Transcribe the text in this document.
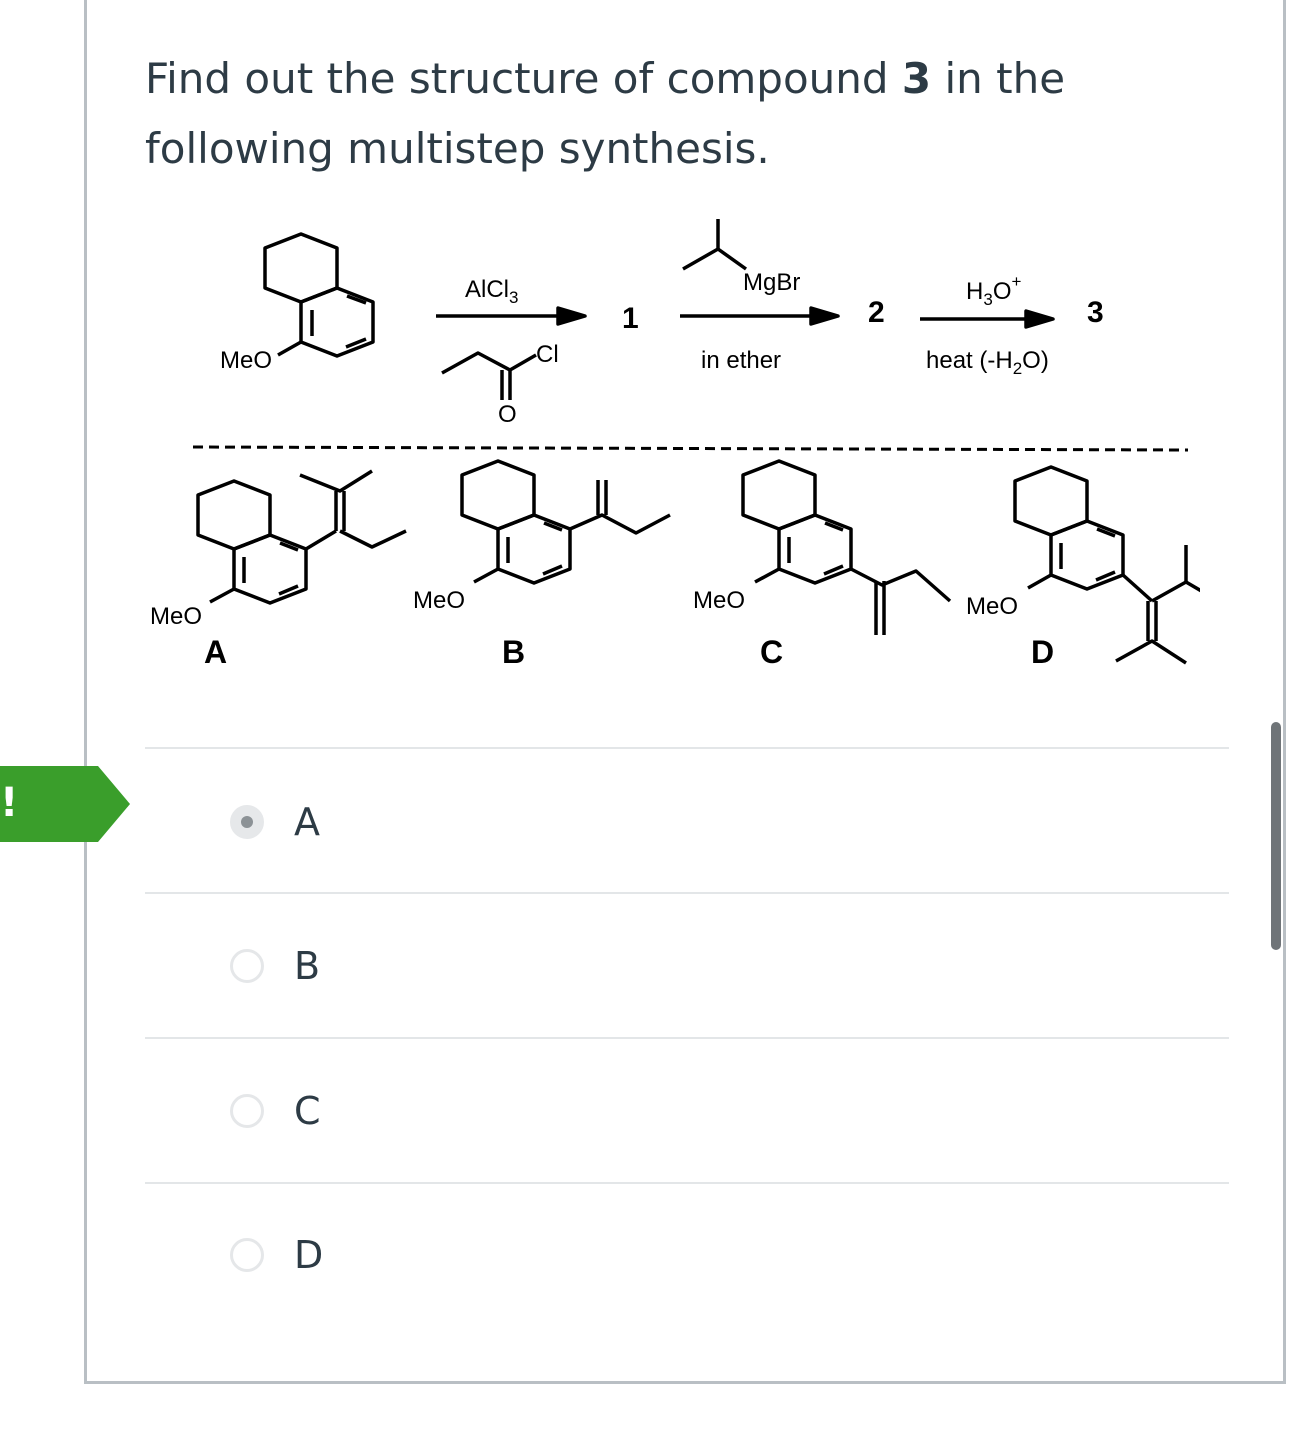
Find out the structure of compound 3 in the following multistep synthesis.
MeO
AlCl$_3$
Cl
O
1
MgBr
in ether
2
$H_3O^+$
heat $(-H_2O)$
3
MeO
A
MeO
B
MeO
C
MeO
D
A
B
C
D
!
